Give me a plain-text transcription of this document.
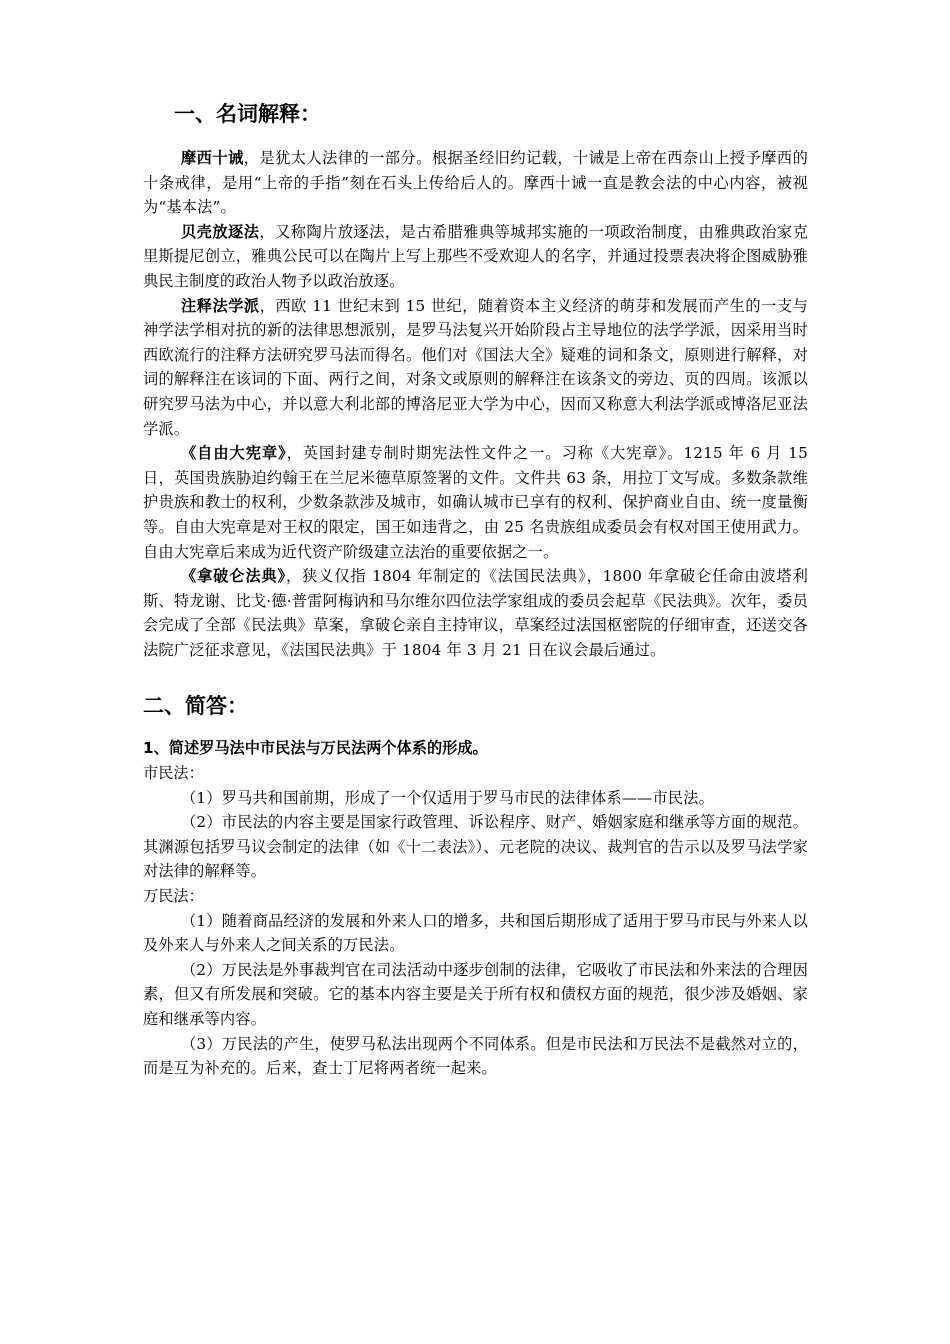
一、名词解释：

摩西十诫，是犹太人法律的一部分。根据圣经旧约记载，十诫是上帝在西奈山上授予摩西的十条戒律，是用“上帝的手指”刻在石头上传给后人的。摩西十诫一直是教会法的中心内容，被视为“基本法”。

贝壳放逐法，又称陶片放逐法，是古希腊雅典等城邦实施的一项政治制度，由雅典政治家克里斯提尼创立，雅典公民可以在陶片上写上那些不受欢迎人的名字，并通过投票表决将企图威胁雅典民主制度的政治人物予以政治放逐。

注释法学派，西欧 11 世纪末到 15 世纪，随着资本主义经济的萌芽和发展而产生的一支与神学法学相对抗的新的法律思想派别，是罗马法复兴开始阶段占主导地位的法学学派，因采用当时西欧流行的注释方法研究罗马法而得名。他们对《国法大全》疑难的词和条文，原则进行解释，对词的解释注在该词的下面、两行之间，对条文或原则的解释注在该条文的旁边、页的四周。该派以研究罗马法为中心，并以意大利北部的博洛尼亚大学为中心，因而又称意大利法学派或博洛尼亚法学派。

《自由大宪章》，英国封建专制时期宪法性文件之一。习称《大宪章》。1215 年 6 月 15 日，英国贵族胁迫约翰王在兰尼米德草原签署的文件。文件共 63 条，用拉丁文写成。多数条款维护贵族和教士的权利，少数条款涉及城市，如确认城市已享有的权利、保护商业自由、统一度量衡等。自由大宪章是对王权的限定，国王如违背之，由 25 名贵族组成委员会有权对国王使用武力。自由大宪章后来成为近代资产阶级建立法治的重要依据之一。

《拿破仑法典》，狭义仅指 1804 年制定的《法国民法典》，1800 年拿破仑任命由波塔利斯、特龙谢、比戈·德·普雷阿梅讷和马尔维尔四位法学家组成的委员会起草《民法典》。次年，委员会完成了全部《民法典》草案，拿破仑亲自主持审议，草案经过法国枢密院的仔细审查，还送交各法院广泛征求意见，《法国民法典》于 1804 年 3 月 21 日在议会最后通过。

二、简答：

1、简述罗马法中市民法与万民法两个体系的形成。

市民法：

（1）罗马共和国前期，形成了一个仅适用于罗马市民的法律体系——市民法。

（2）市民法的内容主要是国家行政管理、诉讼程序、财产、婚姻家庭和继承等方面的规范。其渊源包括罗马议会制定的法律（如《十二表法》）、元老院的决议、裁判官的告示以及罗马法学家对法律的解释等。

万民法：

（1）随着商品经济的发展和外来人口的增多，共和国后期形成了适用于罗马市民与外来人以及外来人与外来人之间关系的万民法。

（2）万民法是外事裁判官在司法活动中逐步创制的法律，它吸收了市民法和外来法的合理因素，但又有所发展和突破。它的基本内容主要是关于所有权和债权方面的规范，很少涉及婚姻、家庭和继承等内容。

（3）万民法的产生，使罗马私法出现两个不同体系。但是市民法和万民法不是截然对立的，而是互为补充的。后来，查士丁尼将两者统一起来。
